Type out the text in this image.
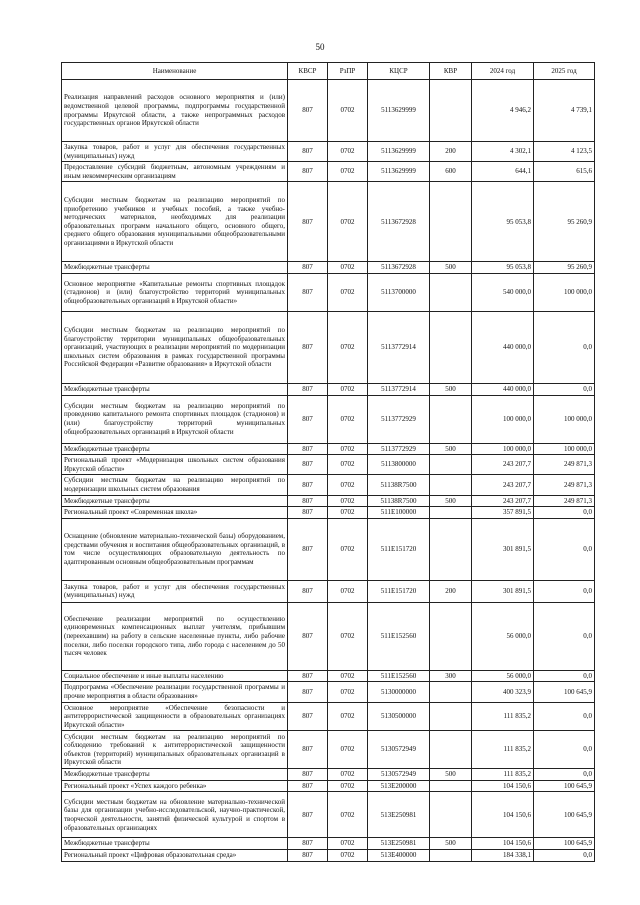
50
Наименование	КВСР	РзПР	КЦСР	КВР	2024 год	2025 год
Реализация направлений расходов основного мероприятия и (или) ведомственной целевой программы, подпрограммы государственной программы Иркутской области, а также непрограммных расходов государственных органов Иркутской области	807	0702	5113629999		4 946,2	4 739,1
Закупка товаров, работ и услуг для обеспечения государственных (муниципальных) нужд	807	0702	5113629999	200	4 302,1	4 123,5
Предоставление субсидий бюджетным, автономным учреждениям и иным некоммерческим организациям	807	0702	5113629999	600	644,1	615,6
Субсидии местным бюджетам на реализацию мероприятий по приобретению учебников и учебных пособий, а также учебно-методических материалов, необходимых для реализации образовательных программ начального общего, основного общего, среднего общего образования муниципальными общеобразовательными организациями в Иркутской области	807	0702	5113672928		95 053,8	95 260,9
Межбюджетные трансферты	807	0702	5113672928	500	95 053,8	95 260,9
Основное мероприятие «Капитальные ремонты спортивных площадок (стадионов) и (или) благоустройство территорий муниципальных общеобразовательных организаций в Иркутской области»	807	0702	5113700000		540 000,0	100 000,0
Субсидии местным бюджетам на реализацию мероприятий по благоустройству территории муниципальных общеобразовательных организаций, участвующих в реализации мероприятий по модернизации школьных систем образования в рамках государственной программы Российской Федерации «Развитие образования» в Иркутской области	807	0702	5113772914		440 000,0	0,0
Межбюджетные трансферты	807	0702	5113772914	500	440 000,0	0,0
Субсидии местным бюджетам на реализацию мероприятий по проведению капитального ремонта спортивных площадок (стадионов) и (или) благоустройству территорий муниципальных общеобразовательных организаций в Иркутской области	807	0702	5113772929		100 000,0	100 000,0
Межбюджетные трансферты	807	0702	5113772929	500	100 000,0	100 000,0
Региональный проект «Модернизация школьных систем образования Иркутской области»	807	0702	5113800000		243 207,7	249 871,3
Субсидии местным бюджетам на реализацию мероприятий по модернизации школьных систем образования	807	0702	51138R7500		243 207,7	249 871,3
Межбюджетные трансферты	807	0702	51138R7500	500	243 207,7	249 871,3
Региональный проект «Современная школа»	807	0702	511E100000		357 891,5	0,0
Оснащение (обновление материально-технической базы) оборудованием, средствами обучения и воспитания общеобразовательных организаций, в том числе осуществляющих образовательную деятельность по адаптированным основным общеобразовательным программам	807	0702	511E151720		301 891,5	0,0
Закупка товаров, работ и услуг для обеспечения государственных (муниципальных) нужд	807	0702	511E151720	200	301 891,5	0,0
Обеспечение реализации мероприятий по осуществлению единовременных компенсационных выплат учителям, прибывшим (переехавшим) на работу в сельские населенные пункты, либо рабочие поселки, либо поселки городского типа, либо города с населением до 50 тысяч человек	807	0702	511E152560		56 000,0	0,0
Социальное обеспечение и иные выплаты населению	807	0702	511E152560	300	56 000,0	0,0
Подпрограмма «Обеспечение реализации государственной программы и прочие мероприятия в области образования»	807	0702	5130000000		400 323,9	100 645,9
Основное мероприятие «Обеспечение безопасности и антитеррористической защищенности в образовательных организациях Иркутской области»	807	0702	5130500000		111 835,2	0,0
Субсидии местным бюджетам на реализацию мероприятий по соблюдению требований к антитеррористической защищенности объектов (территорий) муниципальных образовательных организаций в Иркутской области	807	0702	5130572949		111 835,2	0,0
Межбюджетные трансферты	807	0702	5130572949	500	111 835,2	0,0
Региональный проект «Успех каждого ребенка»	807	0702	513E200000		104 150,6	100 645,9
Субсидии местным бюджетам на обновление материально-технической базы для организации учебно-исследовательской, научно-практической, творческой деятельности, занятий физической культурой и спортом в образовательных организациях	807	0702	513E250981		104 150,6	100 645,9
Межбюджетные трансферты	807	0702	513E250981	500	104 150,6	100 645,9
Региональный проект «Цифровая образовательная среда»	807	0702	513E400000		184 338,1	0,0
